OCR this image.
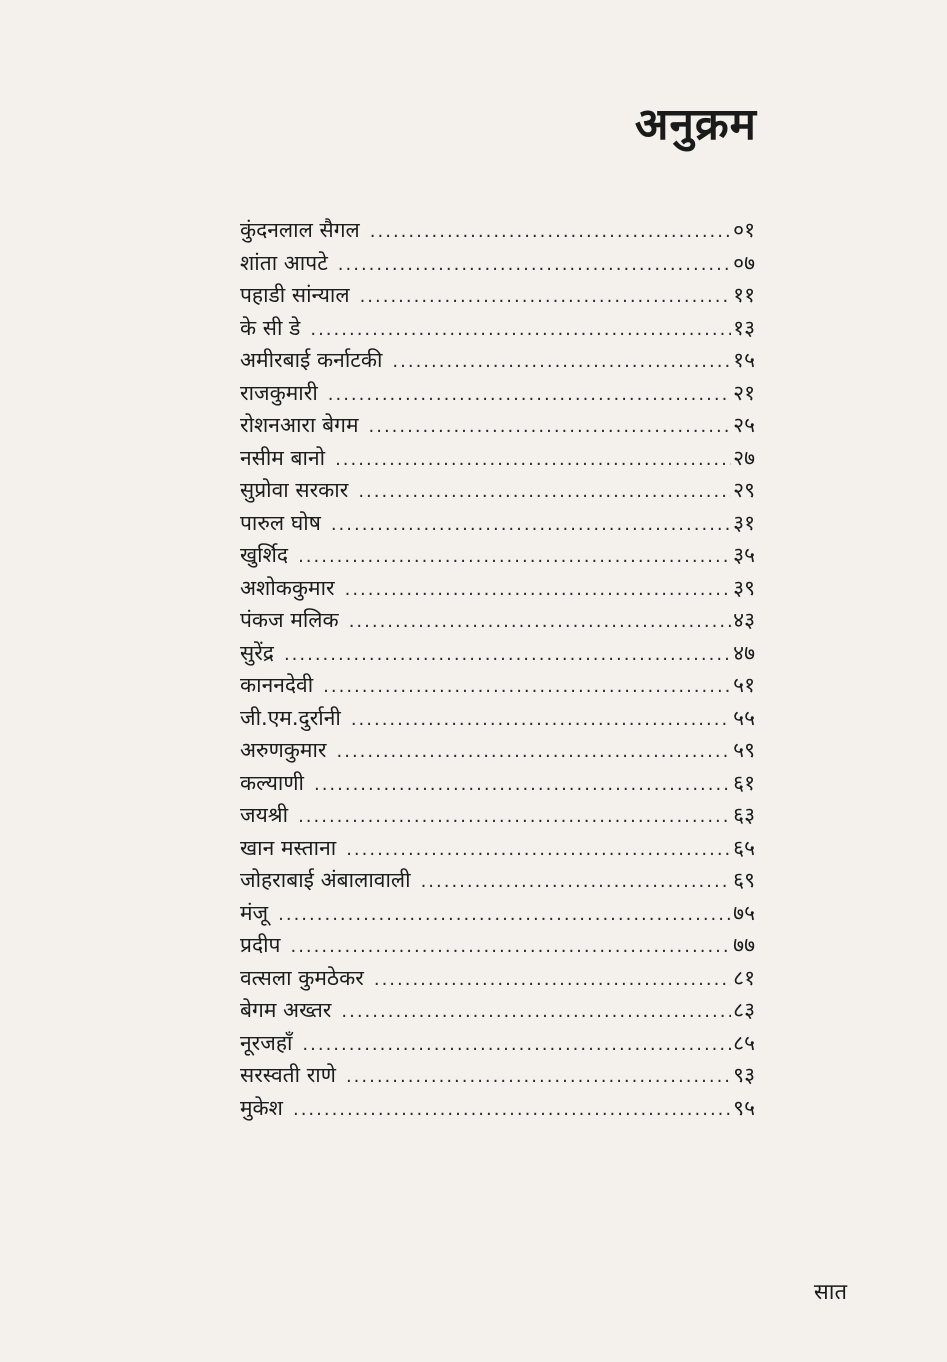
अनुक्रम
कुंदनलाल सैगल .....	०१
शांता आपटे .....	०७
पहाडी सांन्याल .....	११
के सी डे .....	१३
अमीरबाई कर्नाटकी .....	१५
राजकुमारी .....	२१
रोशनआरा बेगम .....	२५
नसीम बानो .....	२७
सुप्रोवा सरकार .....	२९
पारुल घोष .....	३१
खुर्शिद .....	३५
अशोककुमार .....	३९
पंकज मलिक .....	४३
सुरेंद्र .....	४७
काननदेवी .....	५१
जी.एम.दुर्रानी .....	५५
अरुणकुमार .....	५९
कल्याणी .....	६१
जयश्री .....	६३
खान मस्ताना .....	६५
जोहराबाई अंबालावाली .....	६९
मंजू .....	७५
प्रदीप .....	७७
वत्सला कुमठेकर .....	८१
बेगम अख्तर .....	८३
नूरजहाँ .....	८५
सरस्वती राणे .....	९३
मुकेश .....	९५
सात
